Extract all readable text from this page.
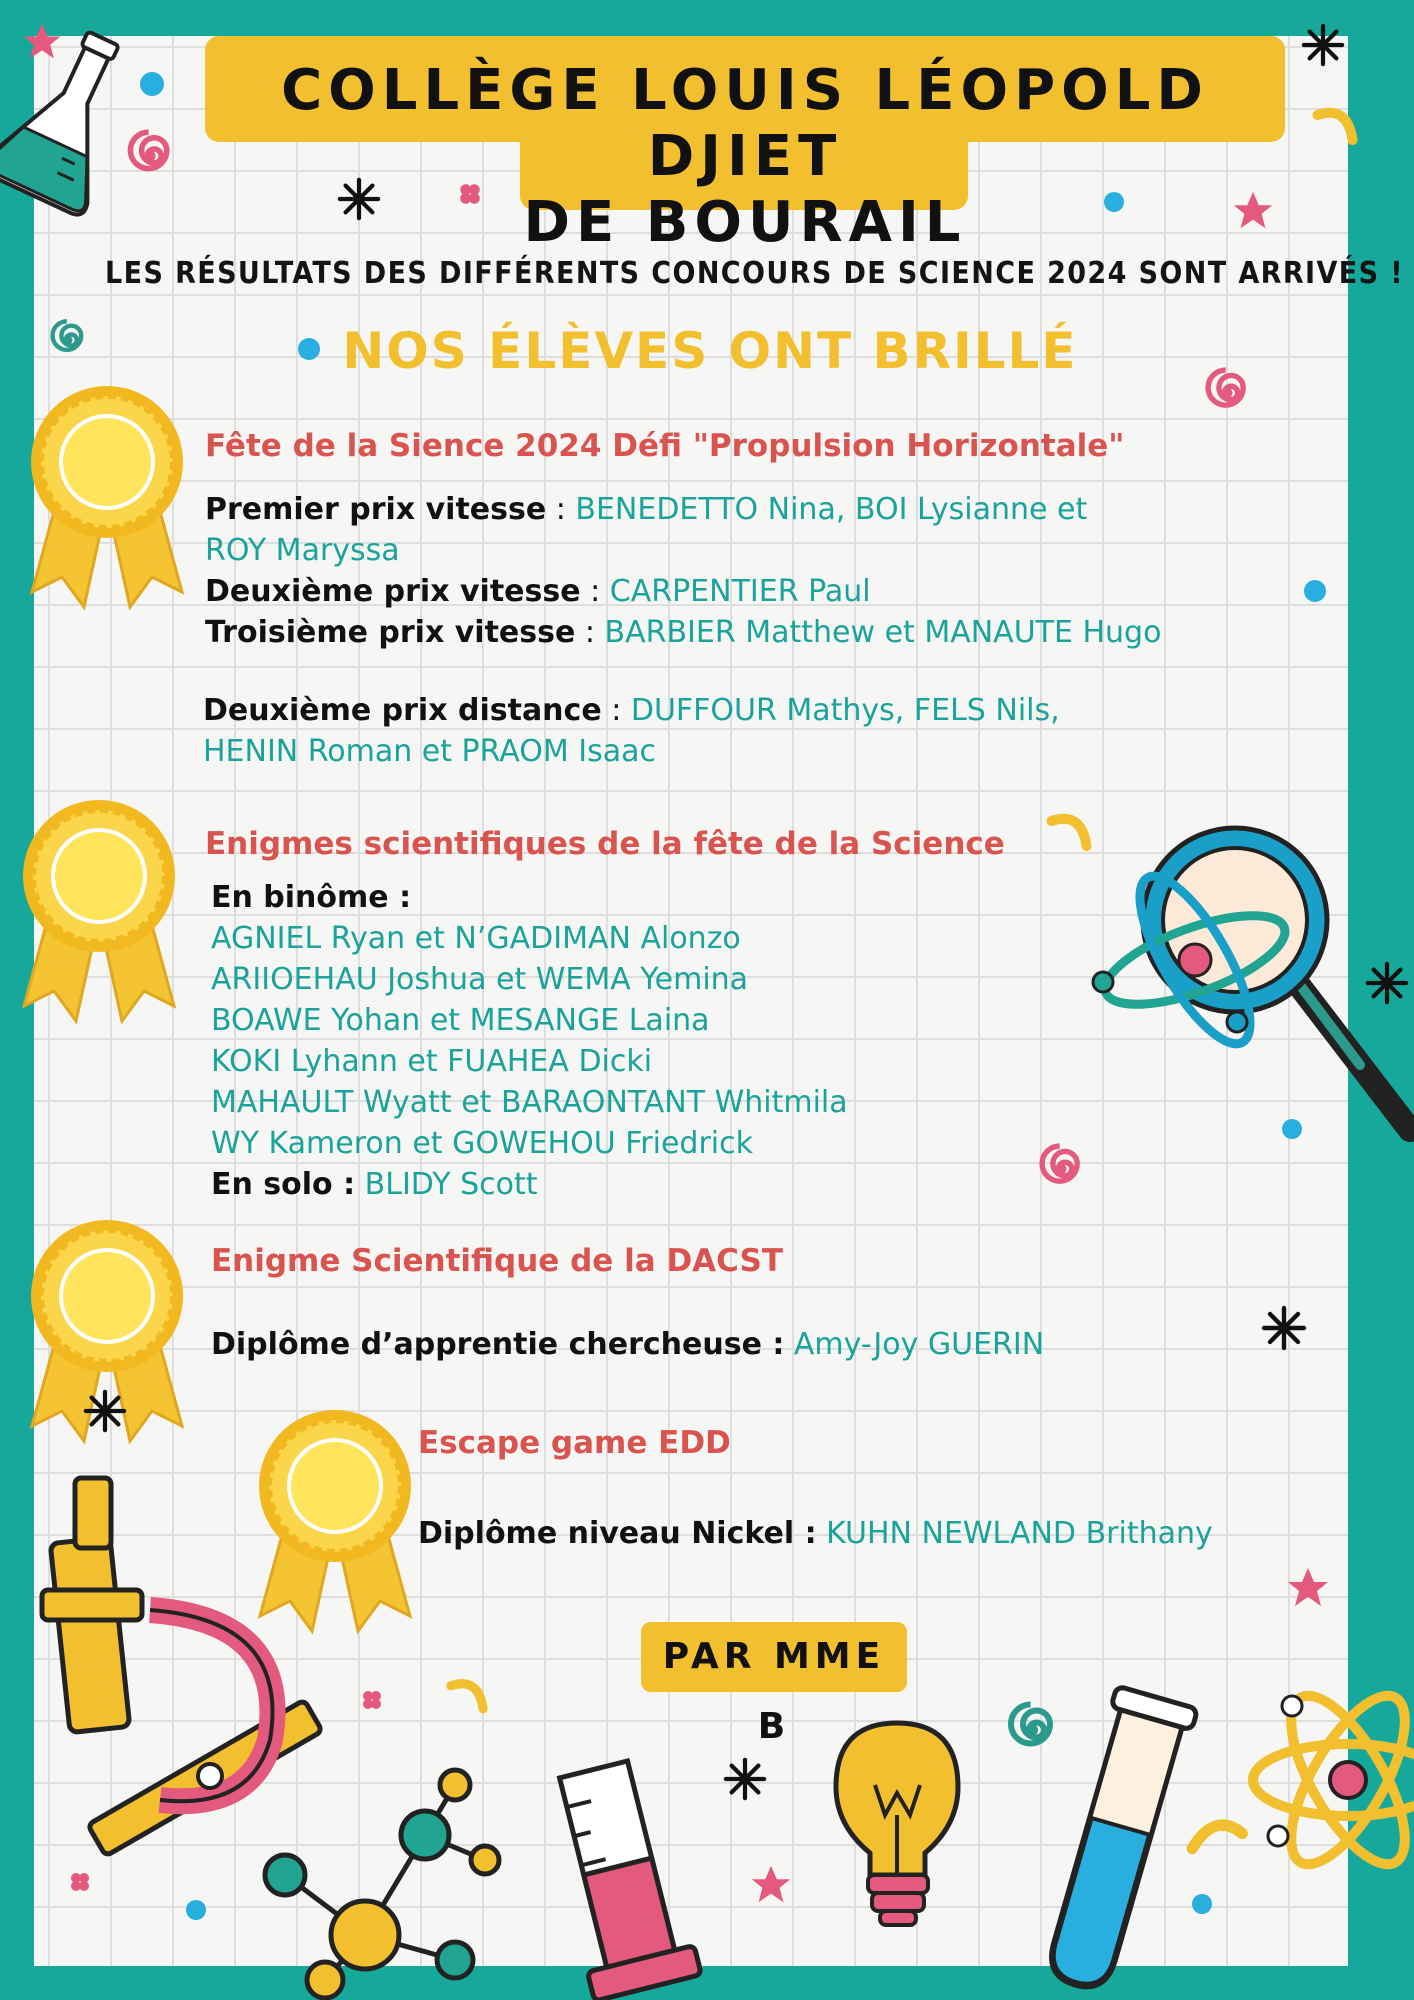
COLLÈGE LOUIS LÉOPOLD DJIET
DE BOURAIL
LES RÉSULTATS DES DIFFÉRENTS CONCOURS DE SCIENCE 2024 SONT ARRIVÉS !
NOS ÉLÈVES ONT BRILLÉ
Fête de la Sience 2024 Défi "Propulsion Horizontale"
Premier prix vitesse : BENEDETTO Nina, BOI Lysianne et
ROY Maryssa
Deuxième prix vitesse : CARPENTIER Paul
Troisième prix vitesse : BARBIER Matthew et MANAUTE Hugo
Deuxième prix distance : DUFFOUR Mathys, FELS Nils,
HENIN Roman et PRAOM Isaac
Enigmes scientifiques de la fête de la Science
En binôme :
AGNIEL Ryan et N’GADIMAN Alonzo
ARIIOEHAU Joshua et WEMA Yemina
BOAWE Yohan et MESANGE Laina
KOKI Lyhann et FUAHEA Dicki
MAHAULT Wyatt et BARAONTANT Whitmila
WY Kameron et GOWEHOU Friedrick
En solo : BLIDY Scott
Enigme Scientifique de la DACST
Diplôme d’apprentie chercheuse : Amy-Joy GUERIN
Escape game EDD
Diplôme niveau Nickel : KUHN NEWLAND Brithany
PAR MME B
